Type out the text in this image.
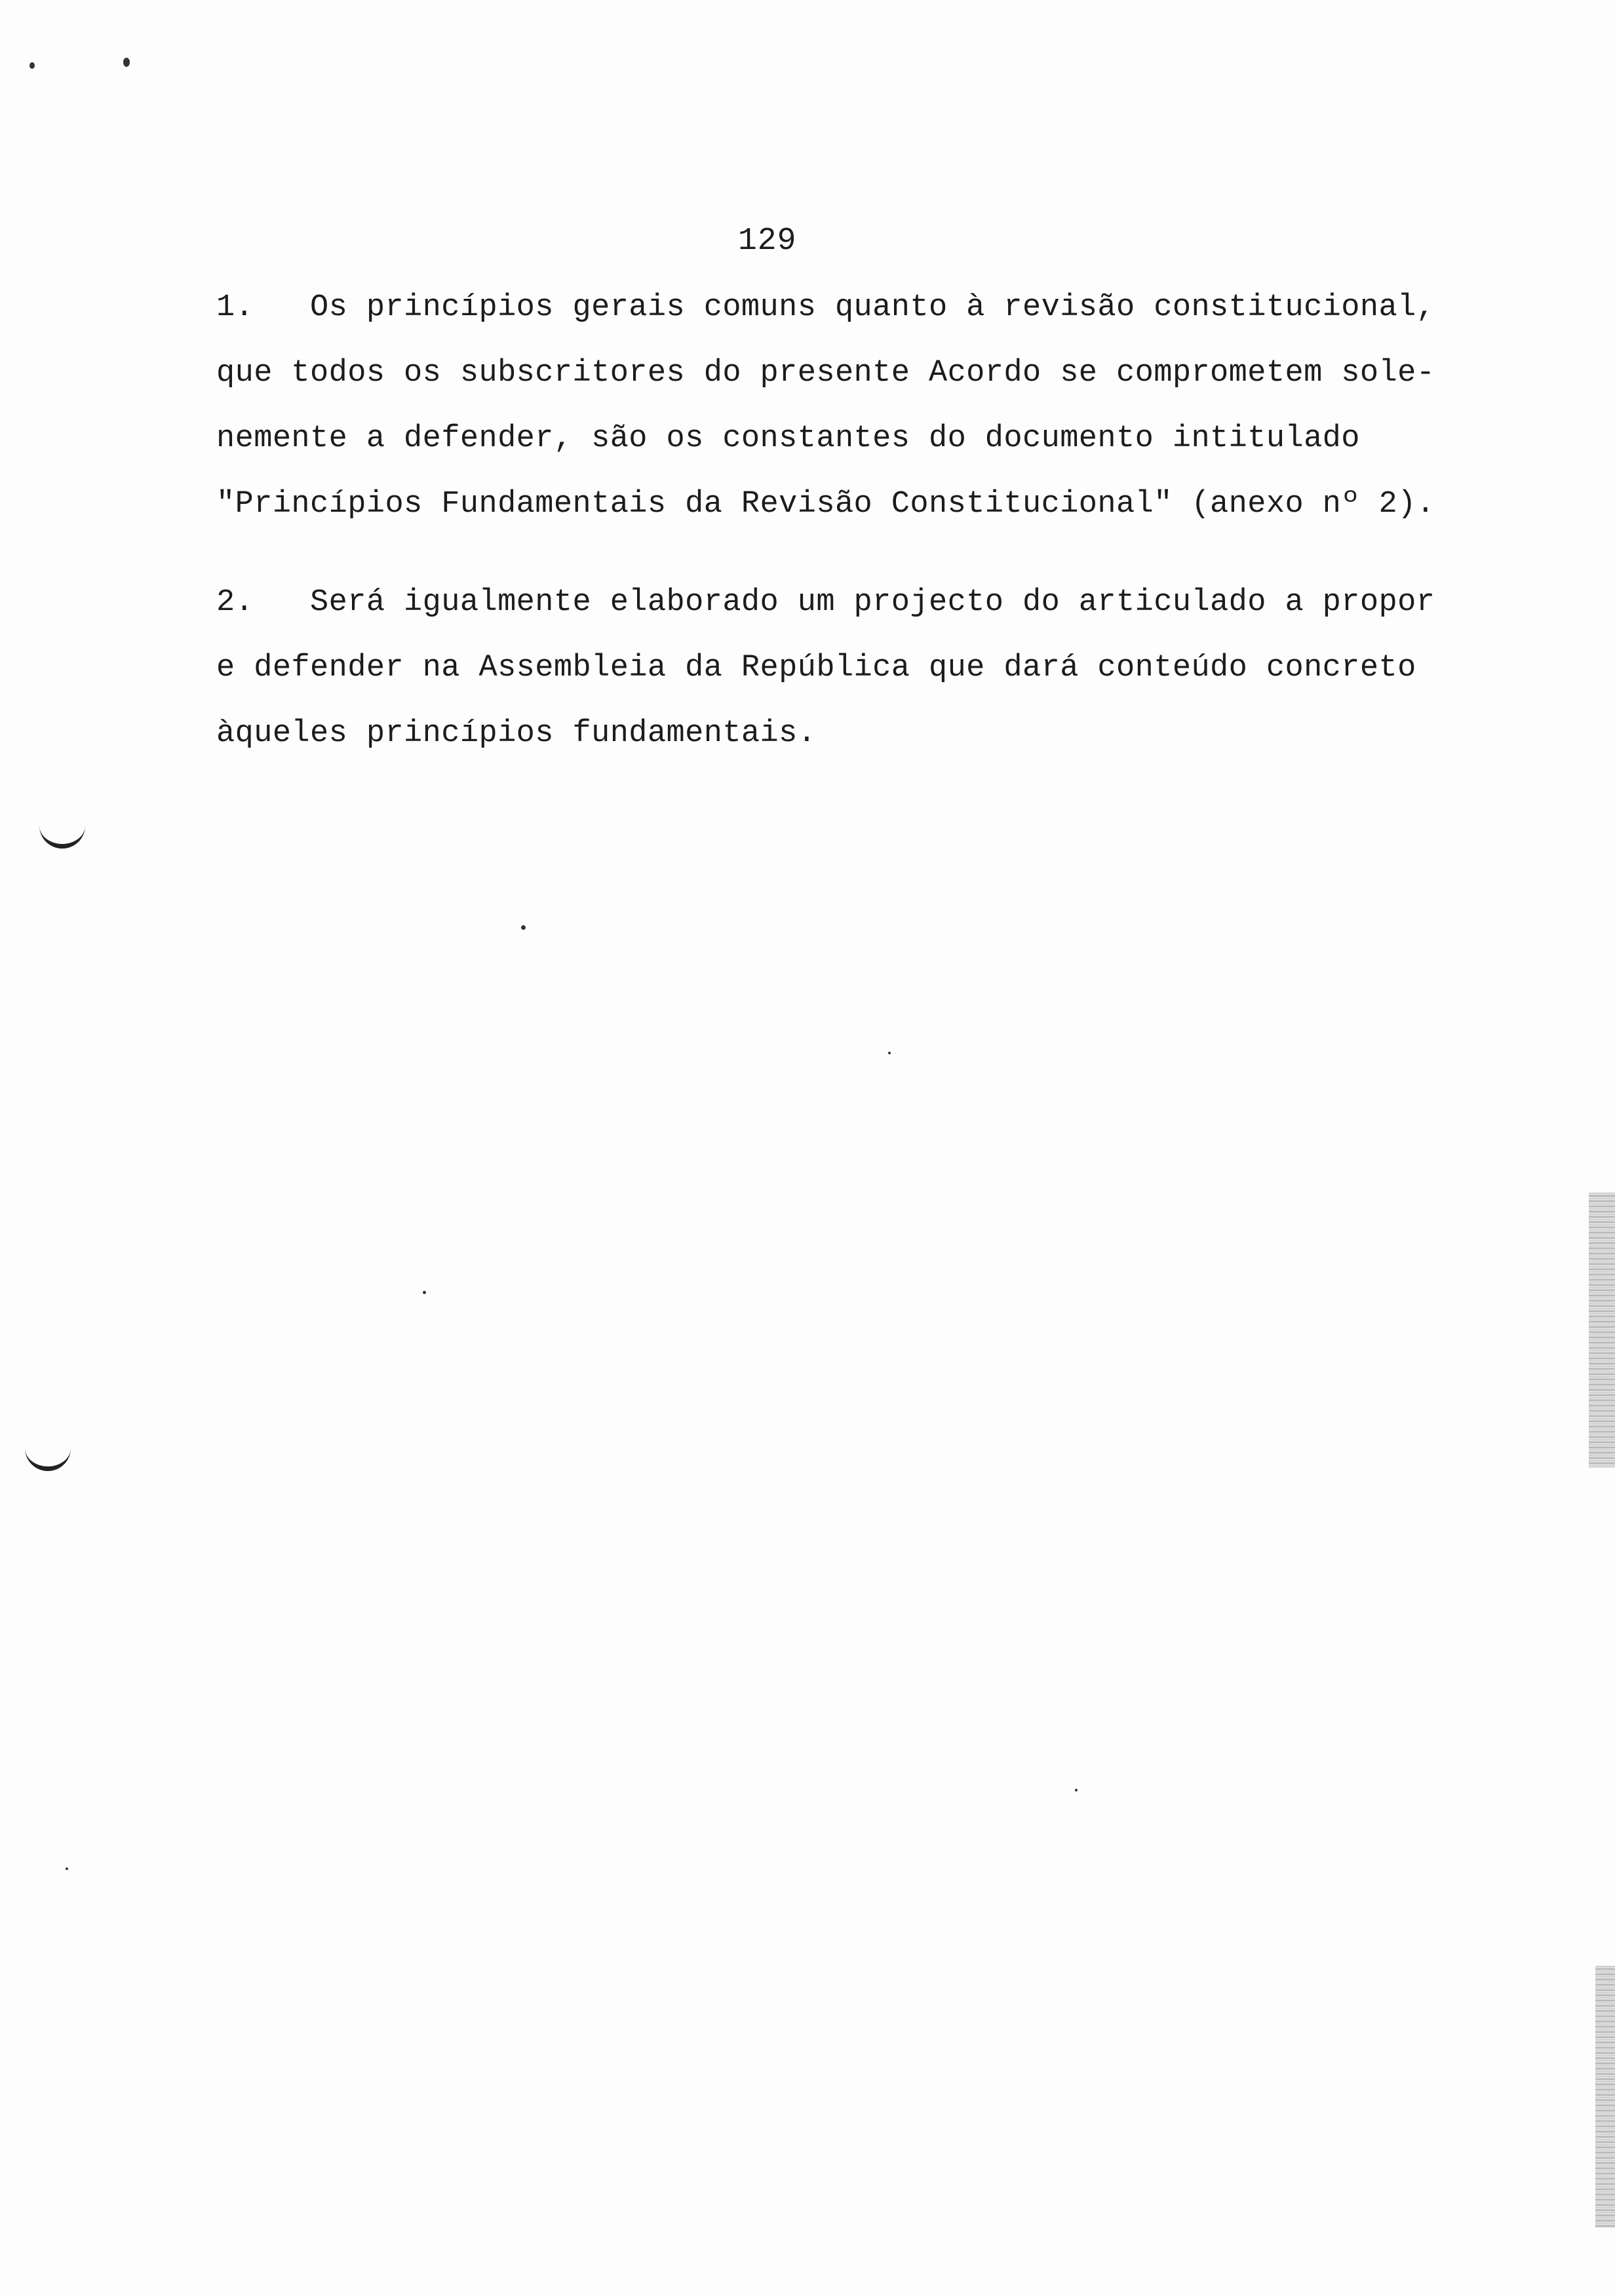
129
1.   Os princípios gerais comuns quanto à revisão constitucional,
que todos os subscritores do presente Acordo se comprometem sole-
nemente a defender, são os constantes do documento intitulado
"Princípios Fundamentais da Revisão Constitucional" (anexo nº 2).
2.   Será igualmente elaborado um projecto do articulado a propor
e defender na Assembleia da República que dará conteúdo concreto
àqueles princípios fundamentais.
